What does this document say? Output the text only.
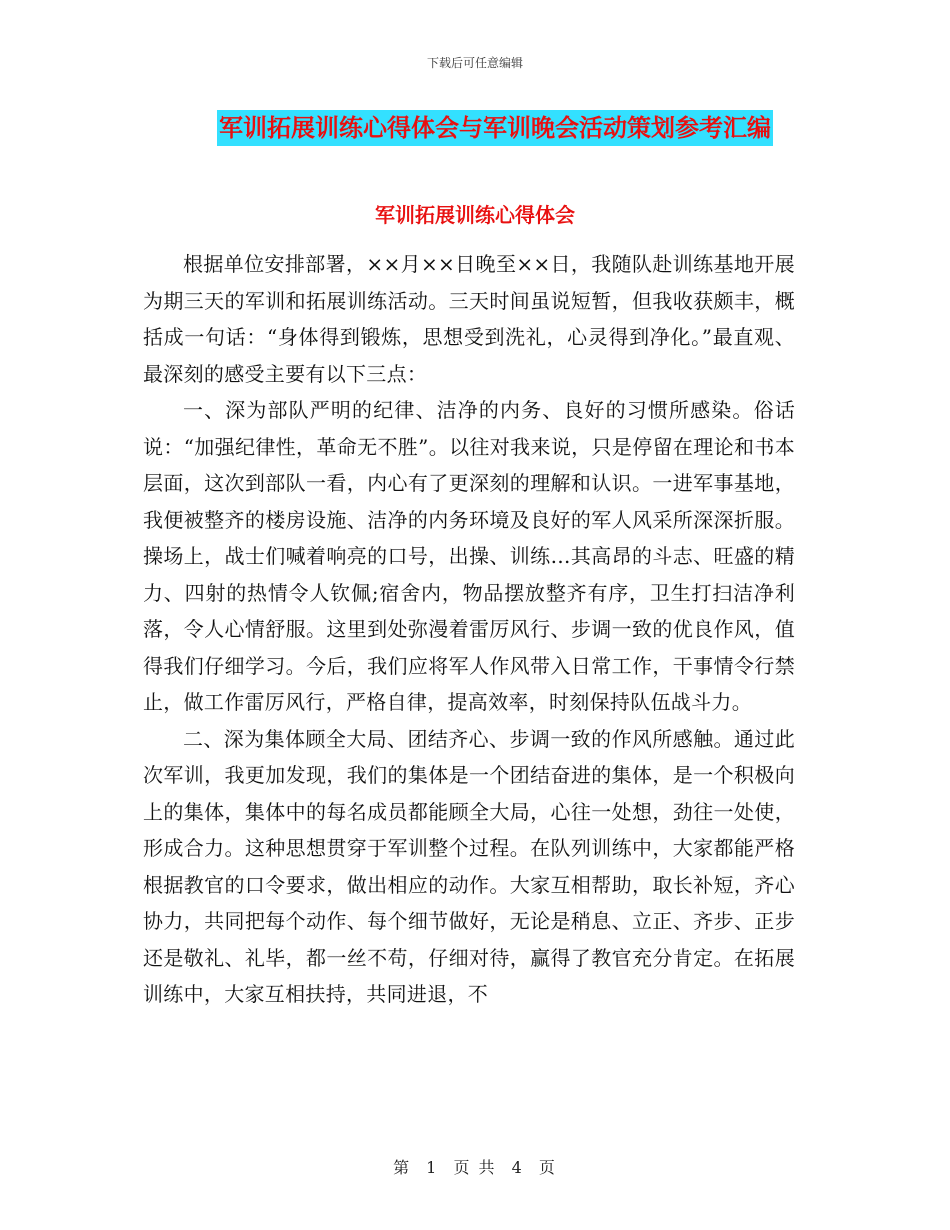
下载后可任意编辑
军训拓展训练心得体会与军训晚会活动策划参考汇编
军训拓展训练心得体会

根据单位安排部署，××月××日晚至××日，我随队赴训练基地开展为期三天的军训和拓展训练活动。三天时间虽说短暂，但我收获颇丰，概括成一句话：“身体得到锻炼，思想受到洗礼，心灵得到净化。”最直观、最深刻的感受主要有以下三点：

一、深为部队严明的纪律、洁净的内务、良好的习惯所感染。俗话说：“加强纪律性，革命无不胜”。以往对我来说，只是停留在理论和书本层面，这次到部队一看，内心有了更深刻的理解和认识。一进军事基地，我便被整齐的楼房设施、洁净的内务环境及良好的军人风采所深深折服。操场上，战士们喊着响亮的口号，出操、训练…其高昂的斗志、旺盛的精力、四射的热情令人钦佩;宿舍内，物品摆放整齐有序，卫生打扫洁净利落，令人心情舒服。这里到处弥漫着雷厉风行、步调一致的优良作风，值得我们仔细学习。今后，我们应将军人作风带入日常工作，干事情令行禁止，做工作雷厉风行，严格自律，提高效率，时刻保持队伍战斗力。

二、深为集体顾全大局、团结齐心、步调一致的作风所感触。通过此次军训，我更加发现，我们的集体是一个团结奋进的集体，是一个积极向上的集体，集体中的每名成员都能顾全大局，心往一处想，劲往一处使，形成合力。这种思想贯穿于军训整个过程。在队列训练中，大家都能严格根据教官的口令要求，做出相应的动作。大家互相帮助，取长补短，齐心协力，共同把每个动作、每个细节做好，无论是稍息、立正、齐步、正步还是敬礼、礼毕，都一丝不苟，仔细对待，赢得了教官充分肯定。在拓展训练中，大家互相扶持，共同进退，不

第 1 页 共 4 页
